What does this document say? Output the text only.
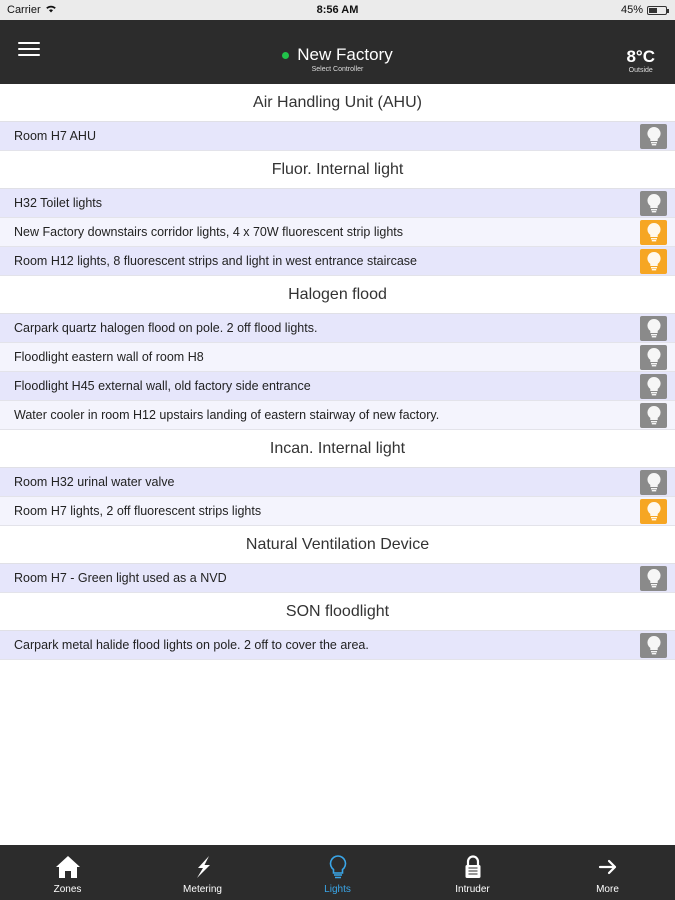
Carrier	8:56 AM	45%
New Factory
Select Controller
8°C
Outside
Air Handling Unit (AHU)
Room H7 AHU
Fluor. Internal light
H32 Toilet lights
New Factory downstairs corridor lights, 4 x 70W fluorescent strip lights
Room H12 lights, 8 fluorescent strips and light in west entrance staircase
Halogen flood
Carpark quartz halogen flood on pole. 2 off flood lights.
Floodlight eastern wall of room H8
Floodlight H45 external wall, old factory side entrance
Water cooler in room H12 upstairs landing of eastern stairway of new factory.
Incan. Internal light
Room H32 urinal water valve
Room H7 lights, 2 off fluorescent strips lights
Natural Ventilation Device
Room H7 - Green light used as a NVD
SON floodlight
Carpark metal halide flood lights on pole. 2 off to cover the area.
Zones	Metering	Lights	Intruder	More
